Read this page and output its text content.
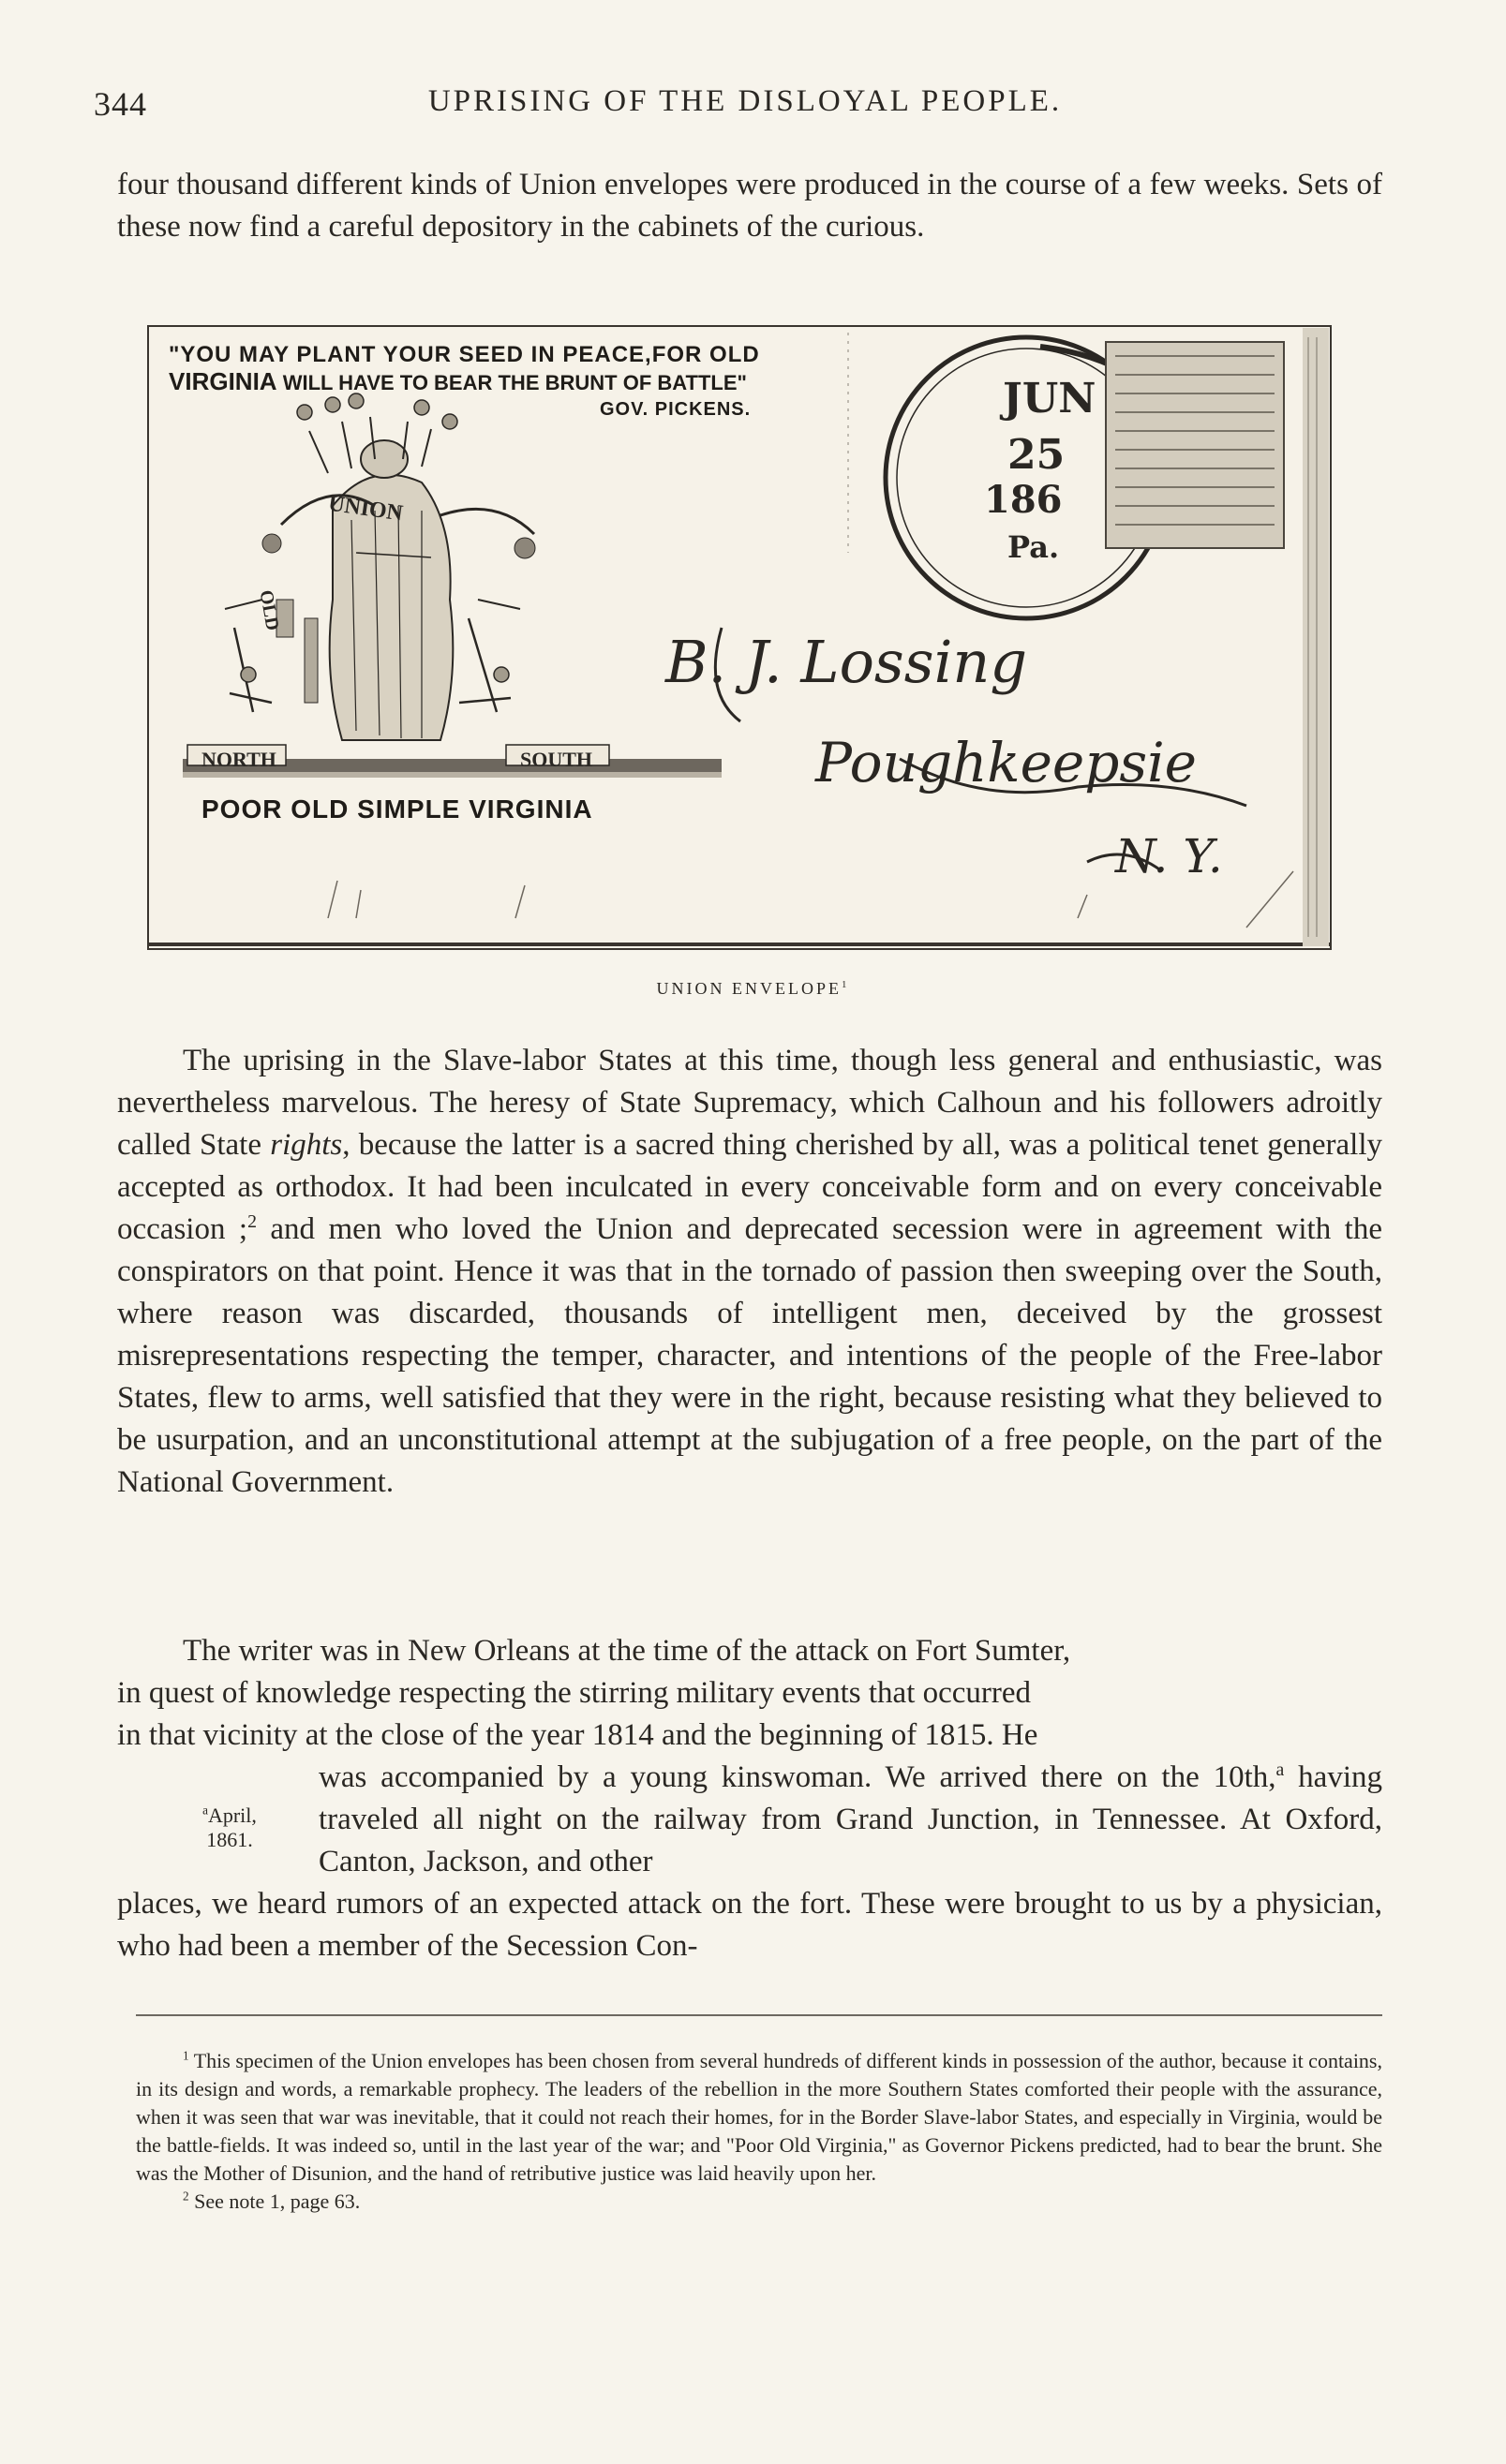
344	UPRISING OF THE DISLOYAL PEOPLE.

four thousand different kinds of Union envelopes were produced in the course of a few weeks. Sets of these now find a careful depository in the cabinets of the curious.

"YOU MAY PLANT YOUR SEED IN PEACE,FOR OLD
VIRGINIA WILL HAVE TO BEAR THE BRUNT OF BATTLE"
GOV. PICKENS.
NORTH	SOUTH
UNION
OLD
POOR OLD SIMPLE VIRGINIA
JUN
25
186
Pa.
B. J. Lossing
Poughkeepsie
N. Y.
UNION ENVELOPE$^1$

The uprising in the Slave-labor States at this time, though less general and enthusiastic, was nevertheless marvelous. The heresy of State Supremacy, which Calhoun and his followers adroitly called State rights, because the latter is a sacred thing cherished by all, was a political tenet generally accepted as orthodox. It had been inculcated in every conceivable form and on every conceivable occasion ;$^2$ and men who loved the Union and deprecated secession were in agreement with the conspirators on that point. Hence it was that in the tornado of passion then sweeping over the South, where reason was discarded, thousands of intelligent men, deceived by the grossest misrepresentations respecting the temper, character, and intentions of the people of the Free-labor States, flew to arms, well satisfied that they were in the right, because resisting what they believed to be usurpation, and an unconstitutional attempt at the subjugation of a free people, on the part of the National Government.

The writer was in New Orleans at the time of the attack on Fort Sumter,

in quest of knowledge respecting the stirring military events that occurred

in that vicinity at the close of the year 1814 and the beginning of 1815. He

was accompanied by a young kinswoman. We arrived there on the 10th,$^a$ having traveled all night on the railway from Grand Junction, in Tennessee. At Oxford, Canton, Jackson, and other

$^a$April,
1861.

places, we heard rumors of an expected attack on the fort. These were brought to us by a physician, who had been a member of the Secession Con-

$^1$ This specimen of the Union envelopes has been chosen from several hundreds of different kinds in possession of the author, because it contains, in its design and words, a remarkable prophecy. The leaders of the rebellion in the more Southern States comforted their people with the assurance, when it was seen that war was inevitable, that it could not reach their homes, for in the Border Slave-labor States, and especially in Virginia, would be the battle-fields. It was indeed so, until in the last year of the war; and "Poor Old Virginia," as Governor Pickens predicted, had to bear the brunt. She was the Mother of Disunion, and the hand of retributive justice was laid heavily upon her.

$^2$ See note 1, page 63.
